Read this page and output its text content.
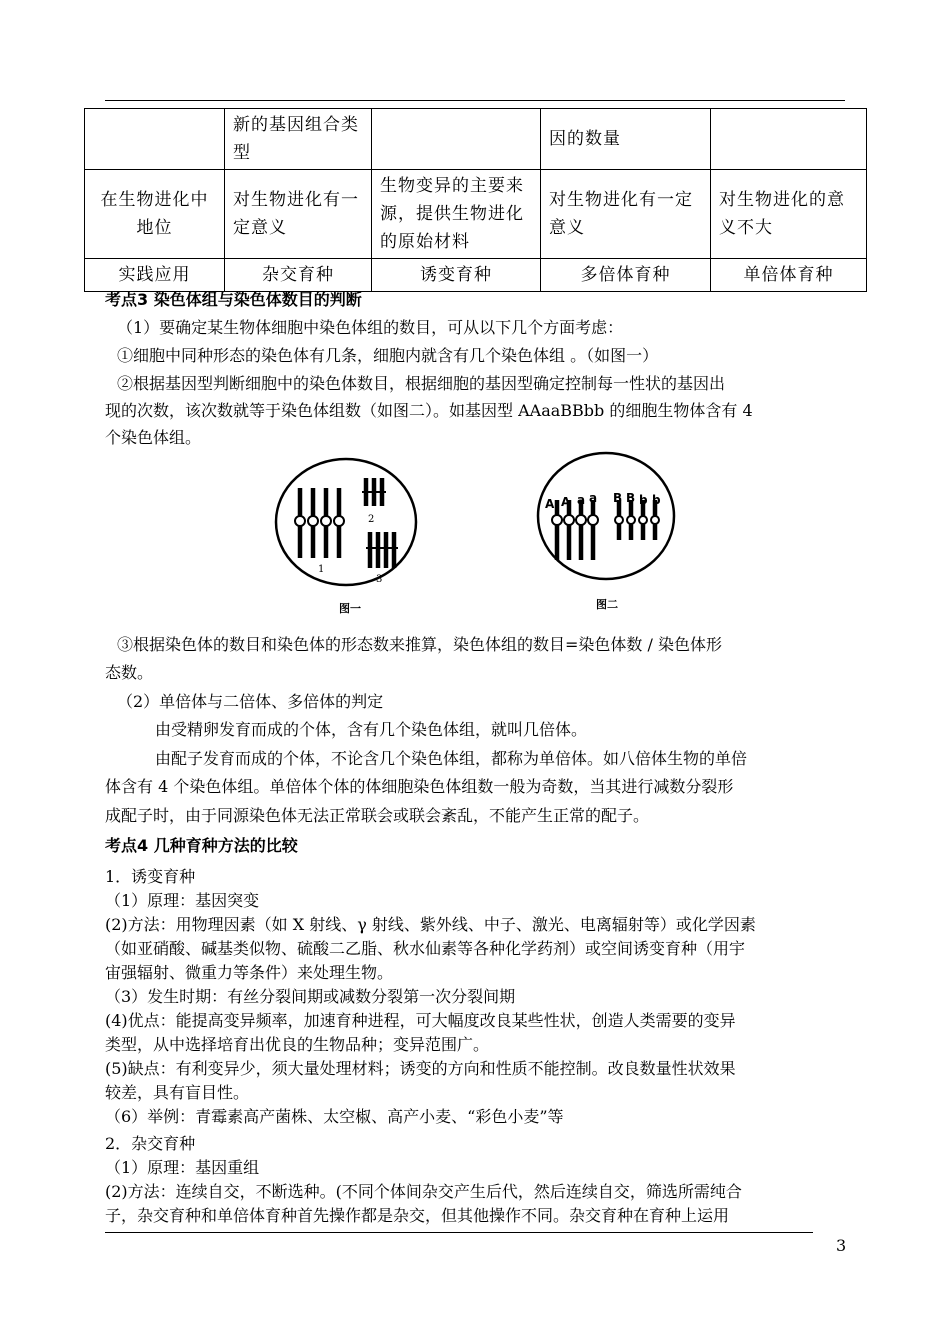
	新的基因组合类型		因的数量	
在生物进化中地位	对生物进化有一定意义	生物变异的主要来源，提供生物进化的原始材料	对生物进化有一定意义	对生物进化的意义不大
实践应用	杂交育种	诱变育种	多倍体育种	单倍体育种
考点3 染色体组与染色体数目的判断
（1）要确定某生物体细胞中染色体组的数目，可从以下几个方面考虑：
①细胞中同种形态的染色体有几条，细胞内就含有几个染色体组 。（如图一）
②根据基因型判断细胞中的染色体数目，根据细胞的基因型确定控制每一性状的基因出
现的次数，该次数就等于染色体组数（如图二）。如基因型 AAaaBBbb 的细胞生物体含有 4
个染色体组。
1
2
3
图一
A A a a B B b b
图二
③根据染色体的数目和染色体的形态数来推算，染色体组的数目=染色体数 / 染色体形
态数。
（2）单倍体与二倍体、多倍体的判定
由受精卵发育而成的个体，含有几个染色体组，就叫几倍体。
由配子发育而成的个体，不论含几个染色体组，都称为单倍体。如八倍体生物的单倍
体含有 4 个染色体组。单倍体个体的体细胞染色体组数一般为奇数，当其进行减数分裂形
成配子时，由于同源染色体无法正常联会或联会紊乱，不能产生正常的配子。
考点4 几种育种方法的比较
1．诱变育种
（1）原理：基因突变
(2)方法：用物理因素（如 X 射线、γ 射线、紫外线、中子、激光、电离辐射等）或化学因素
（如亚硝酸、碱基类似物、硫酸二乙脂、秋水仙素等各种化学药剂）或空间诱变育种（用宇
宙强辐射、微重力等条件）来处理生物。
（3）发生时期：有丝分裂间期或减数分裂第一次分裂间期
(4)优点：能提高变异频率，加速育种进程，可大幅度改良某些性状，创造人类需要的变异
类型，从中选择培育出优良的生物品种；变异范围广。
(5)缺点：有利变异少，须大量处理材料；诱变的方向和性质不能控制。改良数量性状效果
较差，具有盲目性。
（6）举例：青霉素高产菌株、太空椒、高产小麦、“彩色小麦”等
2．杂交育种
（1）原理：基因重组
(2)方法：连续自交，不断选种。(不同个体间杂交产生后代，然后连续自交，筛选所需纯合
子，杂交育种和单倍体育种首先操作都是杂交，但其他操作不同。杂交育种在育种上运用
3
